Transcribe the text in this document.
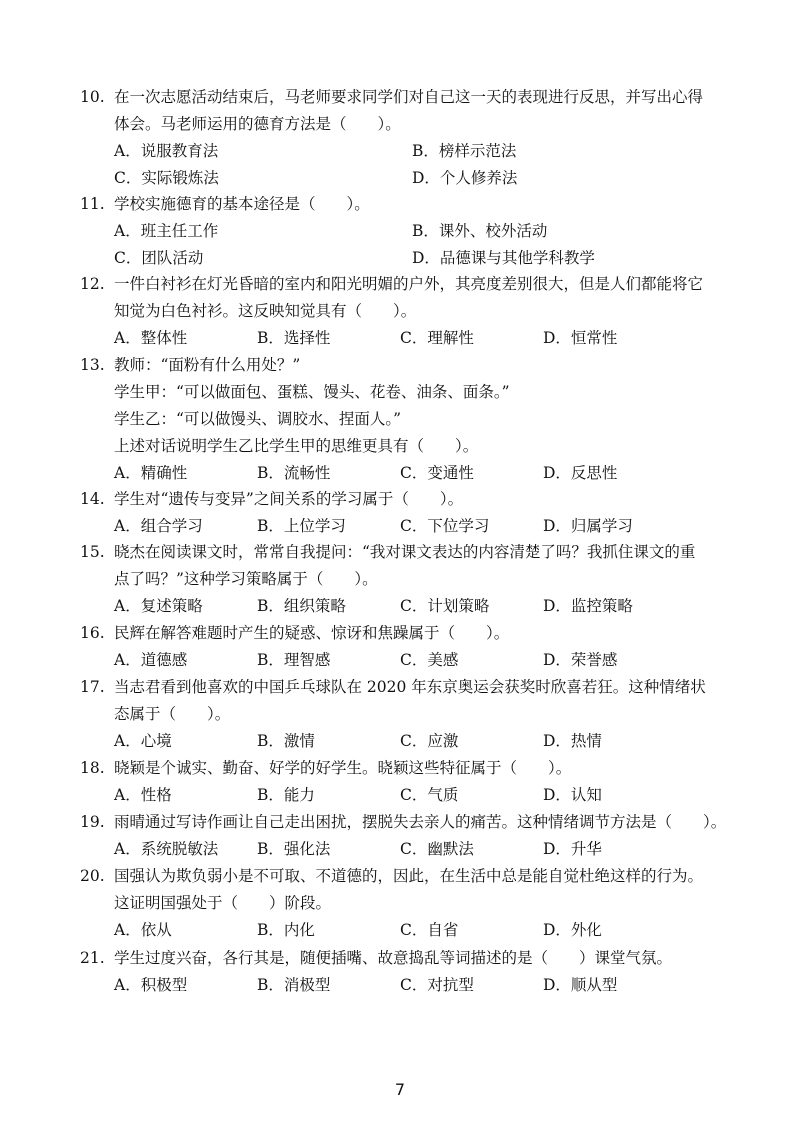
10. 在一次志愿活动结束后，马老师要求同学们对自己这一天的表现进行反思，并写出心得
体会。马老师运用的德育方法是（　　）。
A．说服教育法	B．榜样示范法
C．实际锻炼法	D．个人修养法
11. 学校实施德育的基本途径是（　　）。
A．班主任工作	B．课外、校外活动
C．团队活动	D．品德课与其他学科教学
12. 一件白衬衫在灯光昏暗的室内和阳光明媚的户外，其亮度差别很大，但是人们都能将它
知觉为白色衬衫。这反映知觉具有（　　）。
A．整体性	B．选择性	C．理解性	D．恒常性
13. 教师：“面粉有什么用处？”
学生甲：“可以做面包、蛋糕、馒头、花卷、油条、面条。”
学生乙：“可以做馒头、调胶水、捏面人。”
上述对话说明学生乙比学生甲的思维更具有（　　）。
A．精确性	B．流畅性	C．变通性	D．反思性
14. 学生对“遗传与变异”之间关系的学习属于（　　）。
A．组合学习	B．上位学习	C．下位学习	D．归属学习
15. 晓杰在阅读课文时，常常自我提问：“我对课文表达的内容清楚了吗？我抓住课文的重
点了吗？”这种学习策略属于（　　）。
A．复述策略	B．组织策略	C．计划策略	D．监控策略
16. 民辉在解答难题时产生的疑惑、惊讶和焦躁属于（　　）。
A．道德感	B．理智感	C．美感	D．荣誉感
17. 当志君看到他喜欢的中国乒乓球队在 2020 年东京奥运会获奖时欣喜若狂。这种情绪状
态属于（　　）。
A．心境	B．激情	C．应激	D．热情
18. 晓颖是个诚实、勤奋、好学的好学生。晓颖这些特征属于（　　）。
A．性格	B．能力	C．气质	D．认知
19. 雨晴通过写诗作画让自己走出困扰，摆脱失去亲人的痛苦。这种情绪调节方法是（　　）。
A．系统脱敏法	B．强化法	C．幽默法	D．升华
20. 国强认为欺负弱小是不可取、不道德的，因此，在生活中总是能自觉杜绝这样的行为。
这证明国强处于（　　）阶段。
A．依从	B．内化	C．自省	D．外化
21. 学生过度兴奋，各行其是，随便插嘴、故意捣乱等词描述的是（　　）课堂气氛。
A．积极型	B．消极型	C．对抗型	D．顺从型
7
